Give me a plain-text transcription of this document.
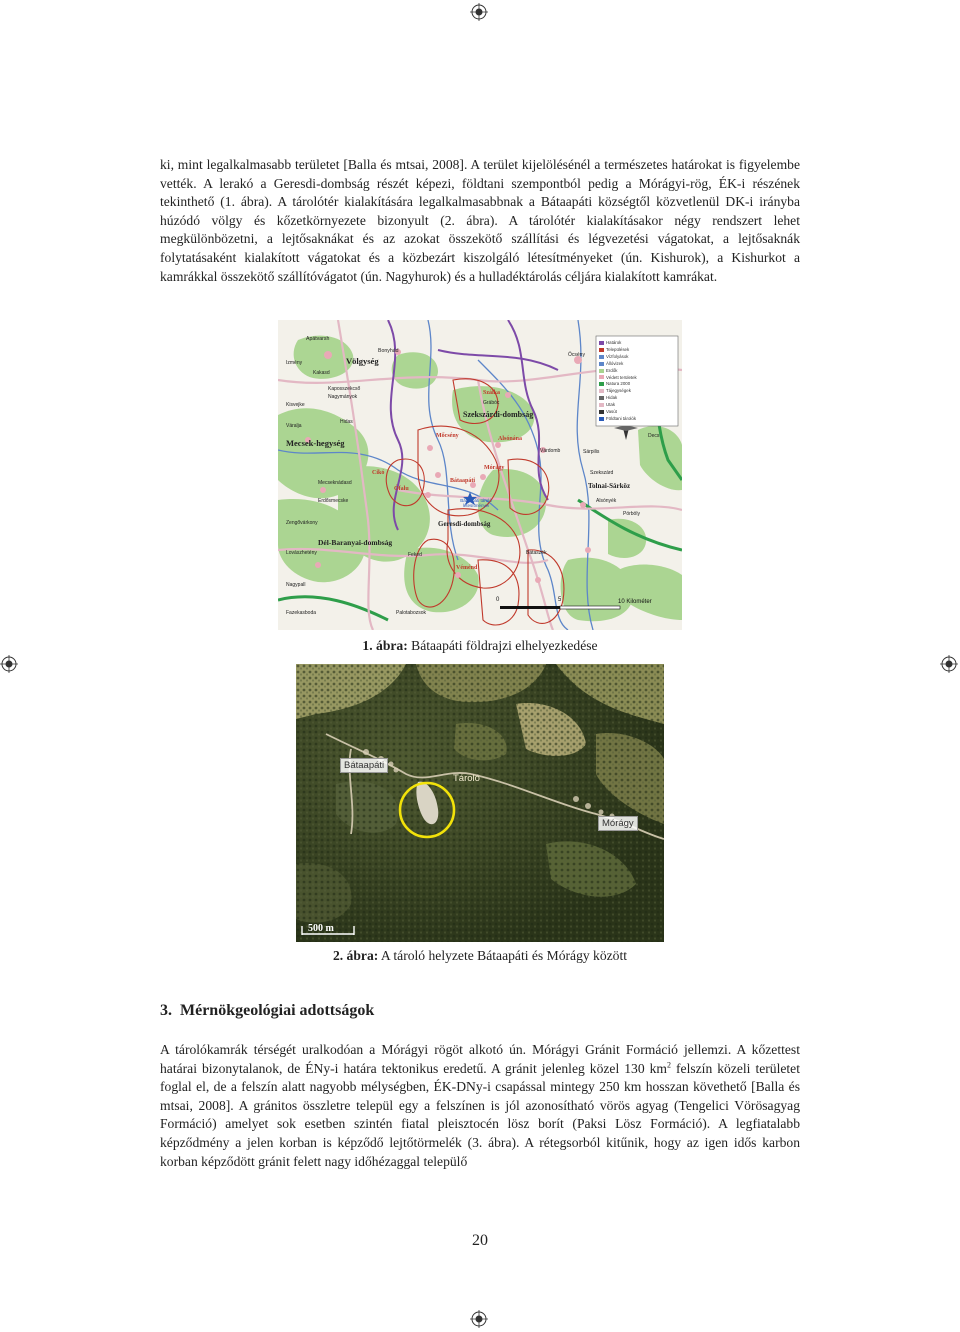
ki, mint legalkalmasabb területet [Balla és mtsai, 2008]. A terület kijelölésénél a természetes határokat is figyelembe vették. A lerakó a Geresdi-dombság részét képezi, földtani szempontból pedig a Mórágyi-rög, ÉK-i részének tekinthető (1. ábra). A tárolótér kialakítására legalkalmasabbnak a Bátaapáti községtől közvetlenül DK-i irányba húzódó völgy és kőzetkörnyezete bizonyult (2. ábra). A tárolótér kialakításakor négy rendszert lehet megkülönbözetni, a lejtősaknákat és az azokat összekötő szállítási és légvezetési vágatokat, a lejtősaknák folytatásaként kialakított vágatokat és a közbezárt kiszolgáló létesítményeket (ún. Kishurok), a Kishurkot a kamrákkal összekötő szállítóvágatot (ún. Nagyhurok) és a hulladéktárolás céljára kialakított kamrákat.

Határok
Települések
Vízfolyások
Állóvizek
Erdők
Védett területek
Natura 2000
Tájegységek
Hidak
Utak
Vasút
Földtani tárolók
Apátvarsh
Bonyhád
Völgység
Izmény
Kakasd
Kisvejke
Kaposszekcső
Nagymányok
Váralja
Mecsek-hegység
Hidas
Grábóc
Szálka
Szekszárdi-dombság
Mőcsény	Alsónána
Cikó
Mórágy
Bátaapáti
Mecseknádasd
Ófalu
Geresdi-dombság
Erdősmecske
Dél-Baranyai-dombság
Zengővárkony
Feked
Lovászhetény
Véménd
Nagypall
Fazekasboda	Palotabozsok
Bátaszék
Tolnai-Sárköz
Decs
Sárpilis
Várdomb
Alsónyék
Pörböly
Őcsény
Szekszárd
Bátaapáti tároló létesítményei
0	5	10 Kilométer

1. ábra: Bátaapáti földrajzi elhelyezkedése

Bátaapáti
Tároló
Mórágy
500 m

2. ábra: A tároló helyzete Bátaapáti és Mórágy között

3. Mérnökgeológiai adottságok

A tárolókamrák térségét uralkodóan a Mórágyi rögöt alkotó ún. Mórágyi Gránit Formáció jellemzi. A kőzettest határai bizonytalanok, de ÉNy-i határa tektonikus eredetű. A gránit jelenleg közel 130 $km^2$ felszín közeli területet foglal el, de a felszín alatt nagyobb mélységben, ÉK-DNy-i csapással mintegy 250 km hosszan követhető [Balla és mtsai, 2008]. A gránitos összletre települ egy a felszínen is jól azonosítható vörös agyag (Tengelici Vörösagyag Formáció) amelyet sok esetben szintén fiatal pleisztocén lösz borít (Paksi Lösz Formáció). A legfiatalabb képződmény a jelen korban is képződő lejtőtörmelék (3. ábra). A rétegsorból kitűnik, hogy az igen idős karbon korban képződött gránit felett nagy időhézaggal települő

20
